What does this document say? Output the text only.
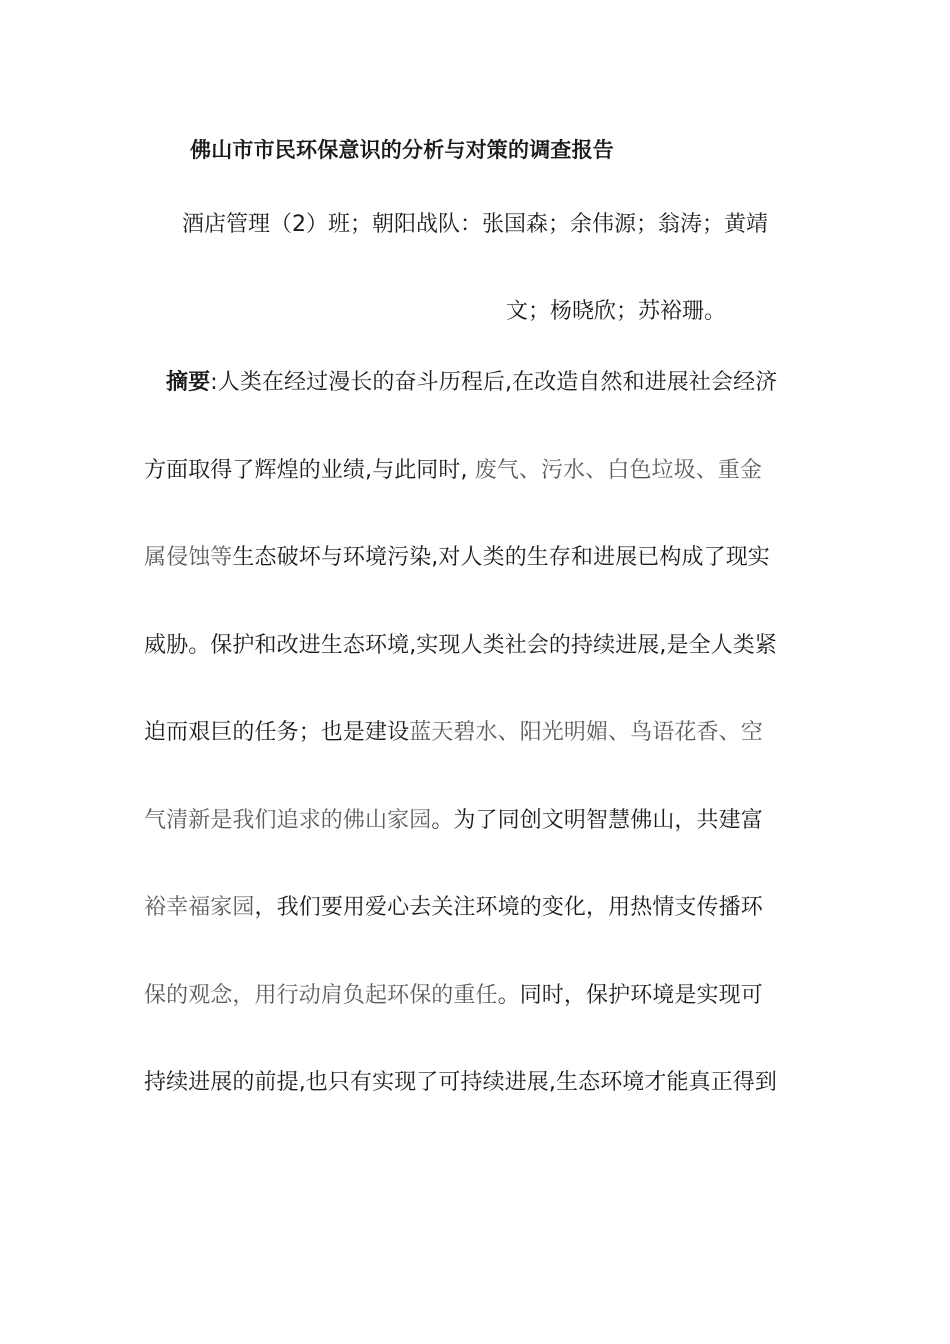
佛山市市民环保意识的分析与对策的调查报告
酒店管理（2）班；朝阳战队：张国森；余伟源；翁涛；黄靖
文；杨晓欣；苏裕珊。
摘要:人类在经过漫长的奋斗历程后,在改造自然和进展社会经济
方面取得了辉煌的业绩,与此同时, 废气、污水、白色垃圾、重金
属侵蚀等生态破坏与环境污染,对人类的生存和进展已构成了现实
威胁。保护和改进生态环境,实现人类社会的持续进展,是全人类紧
迫而艰巨的任务；也是建设蓝天碧水、阳光明媚、鸟语花香、空
气清新是我们追求的佛山家园。为了同创文明智慧佛山，共建富
裕幸福家园，我们要用爱心去关注环境的变化，用热情支传播环
保的观念，用行动肩负起环保的重任。同时，保护环境是实现可
持续进展的前提,也只有实现了可持续进展,生态环境才能真正得到
